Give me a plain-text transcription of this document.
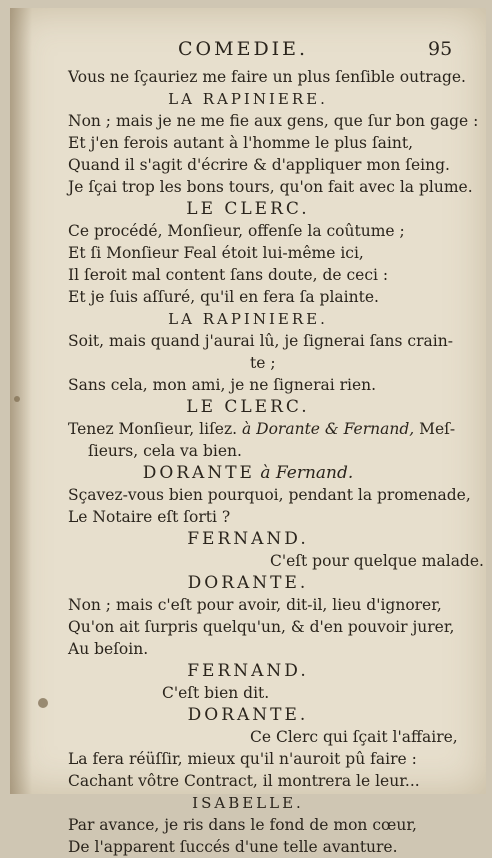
COMEDIE.	95
Vous ne ſçauriez me faire un plus ſenſible outrage.
LA RAPINIERE.
Non ; mais je ne me fie aux gens, que ſur bon gage :
Et j'en ferois autant à l'homme le plus ſaint,
Quand il s'agit d'écrire & d'appliquer mon ſeing.
Je ſçai trop les bons tours, qu'on fait avec la plume.
LE CLERC.
Ce procédé, Monſieur, offenſe la coûtume ;
Et ſi Monſieur Feal étoit lui-même ici,
Il ſeroit mal content ſans doute, de ceci :
Et je ſuis aſſuré, qu'il en fera ſa plainte.
LA RAPINIERE.
Soit, mais quand j'aurai lû, je ſignerai ſans crain-
te ;
Sans cela, mon ami, je ne ſignerai rien.
LE CLERC.
Tenez Monſieur, liſez. à Dorante & Fernand, Meſ-
ſieurs, cela va bien.
DORANTE à Fernand.
Sçavez-vous bien pourquoi, pendant la promenade,
Le Notaire eſt ſorti ?
FERNAND.
C'eſt pour quelque malade.
DORANTE.
Non ; mais c'eſt pour avoir, dit-il, lieu d'ignorer,
Qu'on ait ſurpris quelqu'un, & d'en pouvoir jurer,
Au beſoin.
FERNAND.
C'eſt bien dit.
DORANTE.
Ce Clerc qui ſçait l'affaire,
La fera réüſſir, mieux qu'il n'auroit pû faire :
Cachant vôtre Contract, il montrera le leur...
ISABELLE.
Par avance, je ris dans le fond de mon cœur,
De l'apparent ſuccés d'une telle avanture.
